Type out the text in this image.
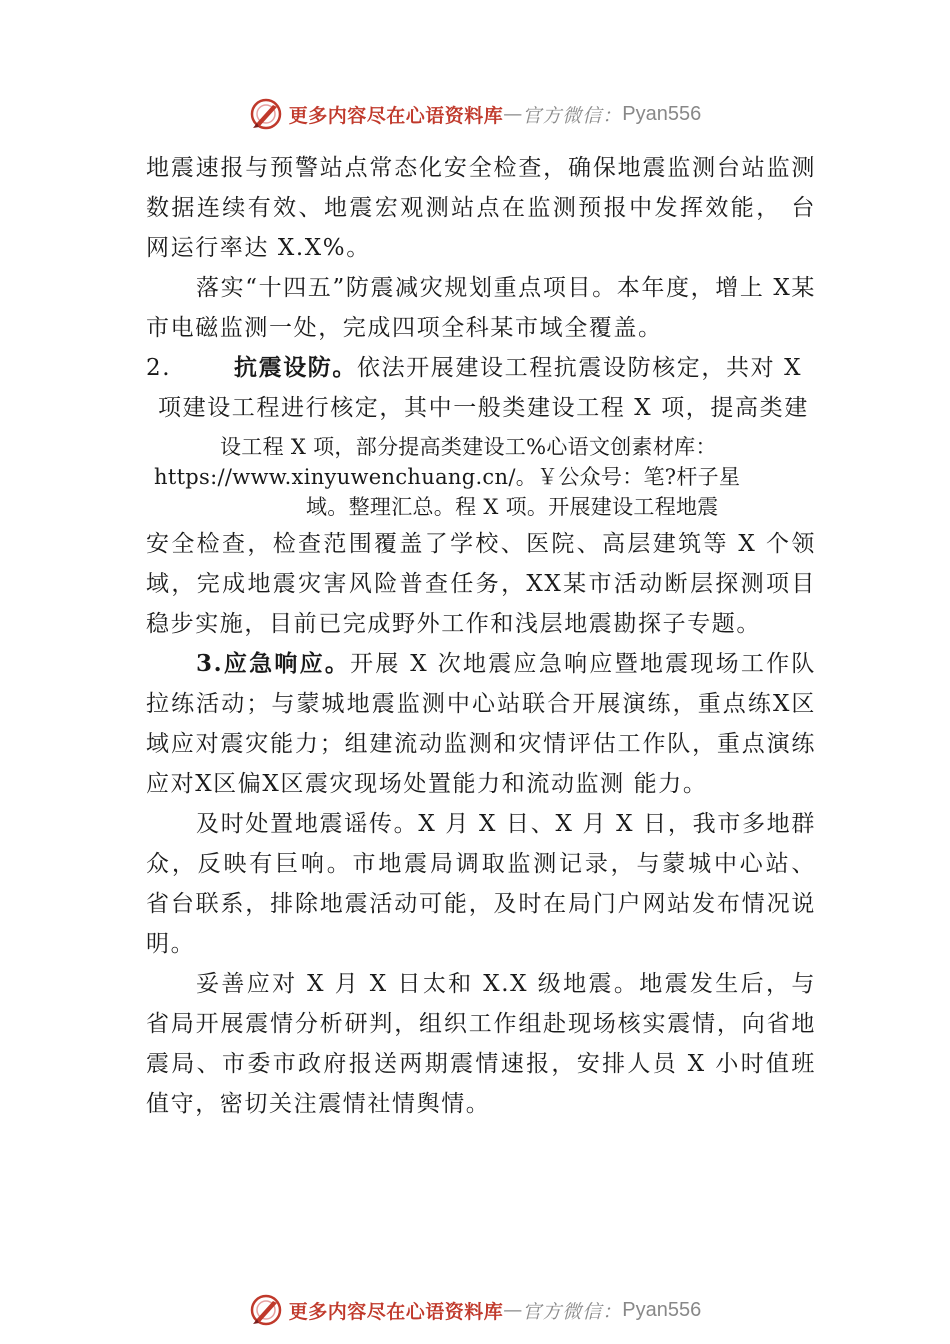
更多内容尽在心语资料库 — 官方微信： Pyan556

地震速报与预警站点常态化安全检查，确保地震监测台站监测数据连续有效、地震宏观测站点在监测预报中发挥效能， 台网运行率达 X.X%。

落实“十四五”防震减灾规划重点项目。本年度，增上 X某市电磁监测一处，完成四项全科某市域全覆盖。

2.	抗震设防。依法开展建设工程抗震设防核定，共对 X

项建设工程进行核定，其中一般类建设工程 X 项，提高类建

设工程 X 项，部分提高类建设工%心语文创素材库：
https://www.xinyuwenchuang.cn/。￥公众号：笔?杆子星
域。整理汇总。程 X 项。开展建设工程地震

安全检查，检查范围覆盖了学校、医院、高层建筑等 X 个领域，完成地震灾害风险普查任务，XX某市活动断层探测项目稳步实施，目前已完成野外工作和浅层地震勘探子专题。

3.应急响应。开展 X 次地震应急响应暨地震现场工作队拉练活动；与蒙城地震监测中心站联合开展演练，重点练X区域应对震灾能力；组建流动监测和灾情评估工作队，重点演练应对X区偏X区震灾现场处置能力和流动监测 能力。

及时处置地震谣传。X 月 X 日、X 月 X 日，我市多地群众，反映有巨响。市地震局调取监测记录，与蒙城中心站、 省台联系，排除地震活动可能，及时在局门户网站发布情况说明。

妥善应对 X 月 X 日太和 X.X 级地震。地震发生后，与省局开展震情分析研判，组织工作组赴现场核实震情，向省地震局、市委市政府报送两期震情速报，安排人员 X 小时值班值守，密切关注震情社情舆情。

更多内容尽在心语资料库 — 官方微信： Pyan556
